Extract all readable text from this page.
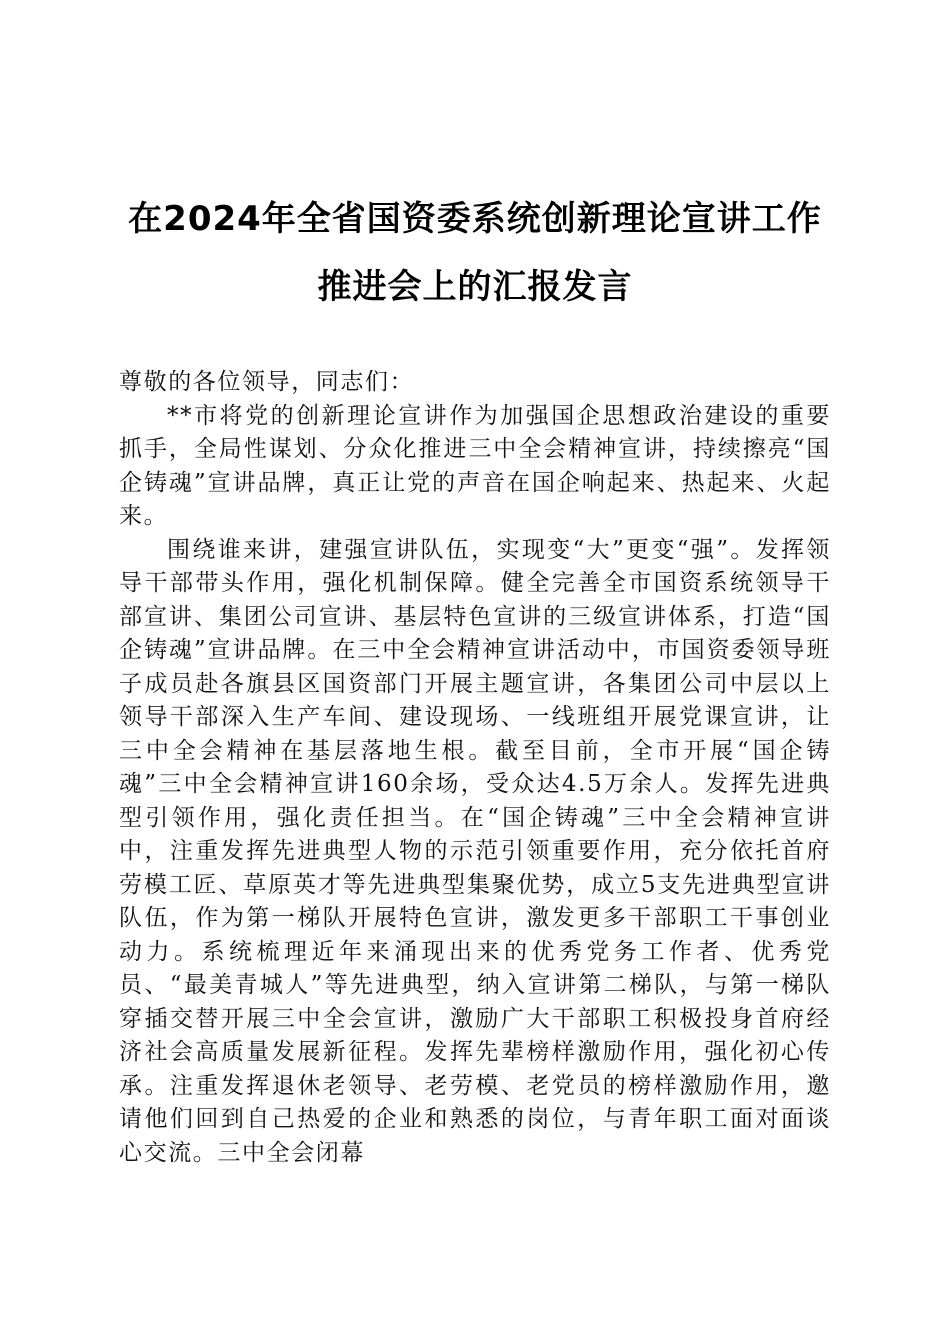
在2024年全省国资委系统创新理论宣讲工作
推进会上的汇报发言

尊敬的各位领导，同志们：

**市将党的创新理论宣讲作为加强国企思想政治建设的重要抓手，全局性谋划、分众化推进三中全会精神宣讲，持续擦亮“国企铸魂”宣讲品牌，真正让党的声音在国企响起来、热起来、火起来。

围绕谁来讲，建强宣讲队伍，实现变“大”更变“强”。发挥领导干部带头作用，强化机制保障。健全完善全市国资系统领导干部宣讲、集团公司宣讲、基层特色宣讲的三级宣讲体系，打造“国企铸魂”宣讲品牌。在三中全会精神宣讲活动中，市国资委领导班子成员赴各旗县区国资部门开展主题宣讲，各集团公司中层以上领导干部深入生产车间、建设现场、一线班组开展党课宣讲，让三中全会精神在基层落地生根。截至目前，全市开展“国企铸魂”三中全会精神宣讲160余场，受众达4.5万余人。发挥先进典型引领作用，强化责任担当。在“国企铸魂”三中全会精神宣讲中，注重发挥先进典型人物的示范引领重要作用，充分依托首府劳模工匠、草原英才等先进典型集聚优势，成立5支先进典型宣讲队伍，作为第一梯队开展特色宣讲，激发更多干部职工干事创业动力。系统梳理近年来涌现出来的优秀党务工作者、优秀党员、“最美青城人”等先进典型，纳入宣讲第二梯队，与第一梯队穿插交替开展三中全会宣讲，激励广大干部职工积极投身首府经济社会高质量发展新征程。发挥先辈榜样激励作用，强化初心传承。注重发挥退休老领导、老劳模、老党员的榜样激励作用，邀请他们回到自己热爱的企业和熟悉的岗位，与青年职工面对面谈心交流。三中全会闭幕
